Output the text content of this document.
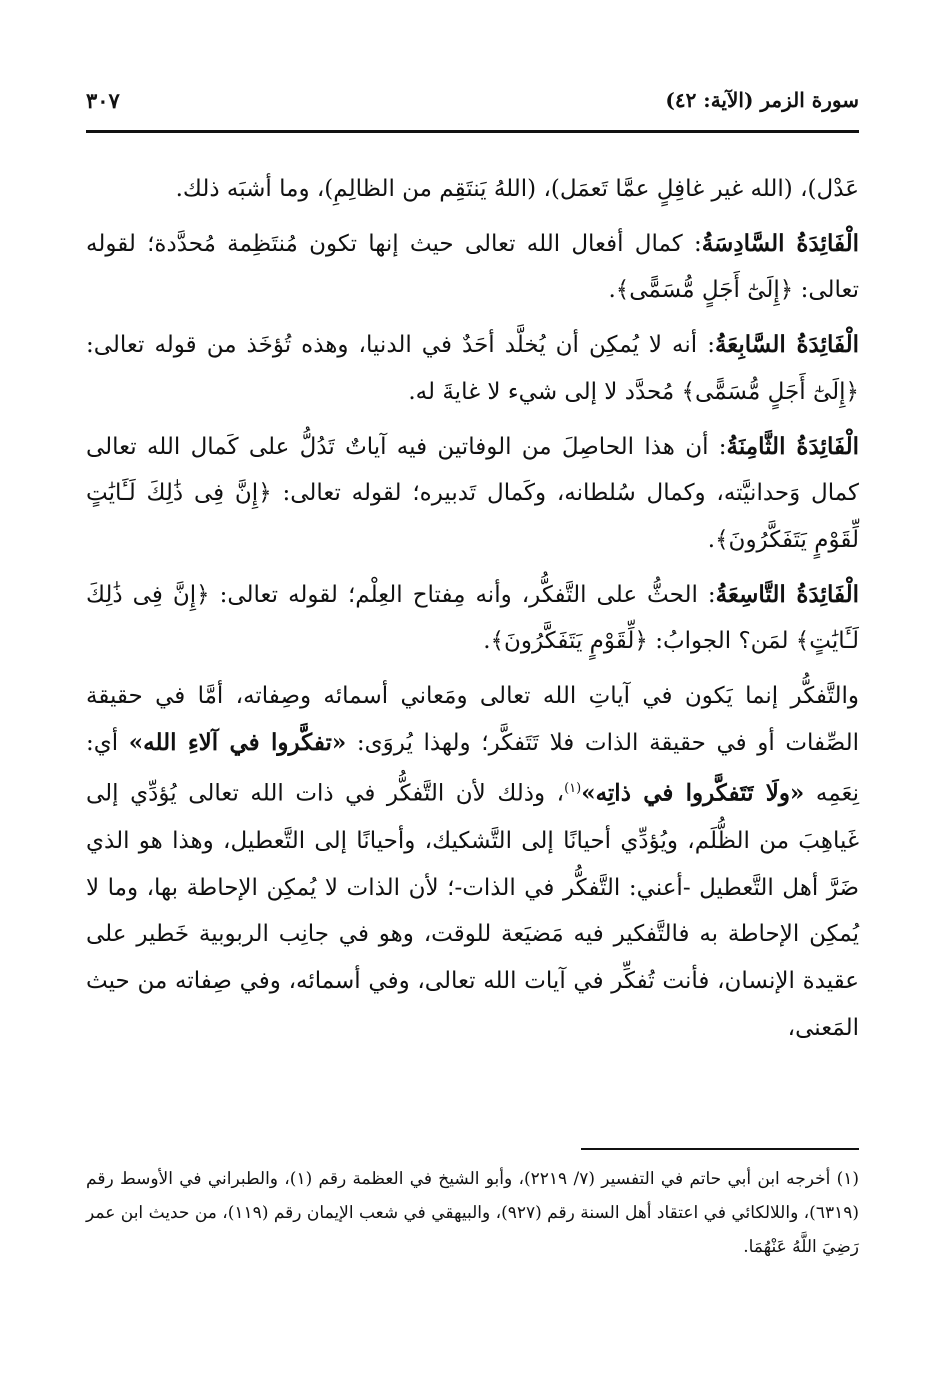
سورة الزمر (الآية: ٤٢)
٣٠٧

عَدْل)، (الله غير غافِلٍ عمَّا تَعمَل)، (اللهُ يَنتَقِم من الظالِمِ)، وما أشبَه ذلك.

الْفَائِدَةُ السَّادِسَةُ: كمال أفعال الله تعالى حيث إنها تكون مُنتَظِمة مُحدَّدة؛ لقوله تعالى: ﴿إِلَىٰٓ أَجَلٍ مُّسَمًّى﴾.

الْفَائِدَةُ السَّابِعَةُ: أنه لا يُمكِن أن يُخلَّد أحَدٌ في الدنيا، وهذه تُؤخَذ من قوله تعالى: ﴿إِلَىٰٓ أَجَلٍ مُّسَمًّى﴾ مُحدَّد لا إلى شيء لا غايةَ له.

الْفَائِدَةُ الثَّامِنَةُ: أن هذا الحاصِلَ من الوفاتين فيه آياتٌ تَدُلُّ على كَمال الله تعالى كمال وَحدانيَّته، وكمال سُلطانه، وكَمال تَدبيره؛ لقوله تعالى: ﴿إِنَّ فِى ذَٰلِكَ لَـَٔايَٰتٍ لِّقَوْمٍ يَتَفَكَّرُونَ﴾.

الْفَائِدَةُ التَّاسِعَةُ: الحثُّ على التَّفكُّر، وأنه مِفتاح العِلْم؛ لقوله تعالى: ﴿إِنَّ فِى ذَٰلِكَ لَـَٔايَٰتٍ﴾ لمَن؟ الجوابُ: ﴿لِّقَوْمٍ يَتَفَكَّرُونَ﴾.

والتَّفكُّر إنما يَكون في آياتِ الله تعالى ومَعاني أسمائه وصِفاته، أمَّا في حقيقة الصِّفات أو في حقيقة الذات فلا تَتَفكَّر؛ ولهذا يُروَى: «تفكَّروا في آلاءِ الله» أي: نِعَمِه «ولَا تَتَفكَّروا في ذاتِه»$^{(١)}$، وذلك لأن التَّفكُّر في ذات الله تعالى يُؤدِّي إلى غَياهِبَ من الظُّلَم، ويُؤدِّي أحيانًا إلى التَّشكيك، وأحيانًا إلى التَّعطيل، وهذا هو الذي ضَرَّ أهل التَّعطيل -أعني: التَّفكُّر في الذات-؛ لأن الذات لا يُمكِن الإحاطة بها، وما لا يُمكِن الإحاطة به فالتَّفكير فيه مَضيَعة للوقت، وهو في جانِب الربوبية خَطير على عقيدة الإنسان، فأنت تُفكِّر في آيات الله تعالى، وفي أسمائه، وفي صِفاته من حيث المَعنى،

(١) أخرجه ابن أبي حاتم في التفسير (٧/ ٢٢١٩)، وأبو الشيخ في العظمة رقم (١)، والطبراني في الأوسط رقم (٦٣١٩)، واللالكائي في اعتقاد أهل السنة رقم (٩٢٧)، والبيهقي في شعب الإيمان رقم (١١٩)، من حديث ابن عمر رَضِيَ اللَّهُ عَنْهُمَا.
